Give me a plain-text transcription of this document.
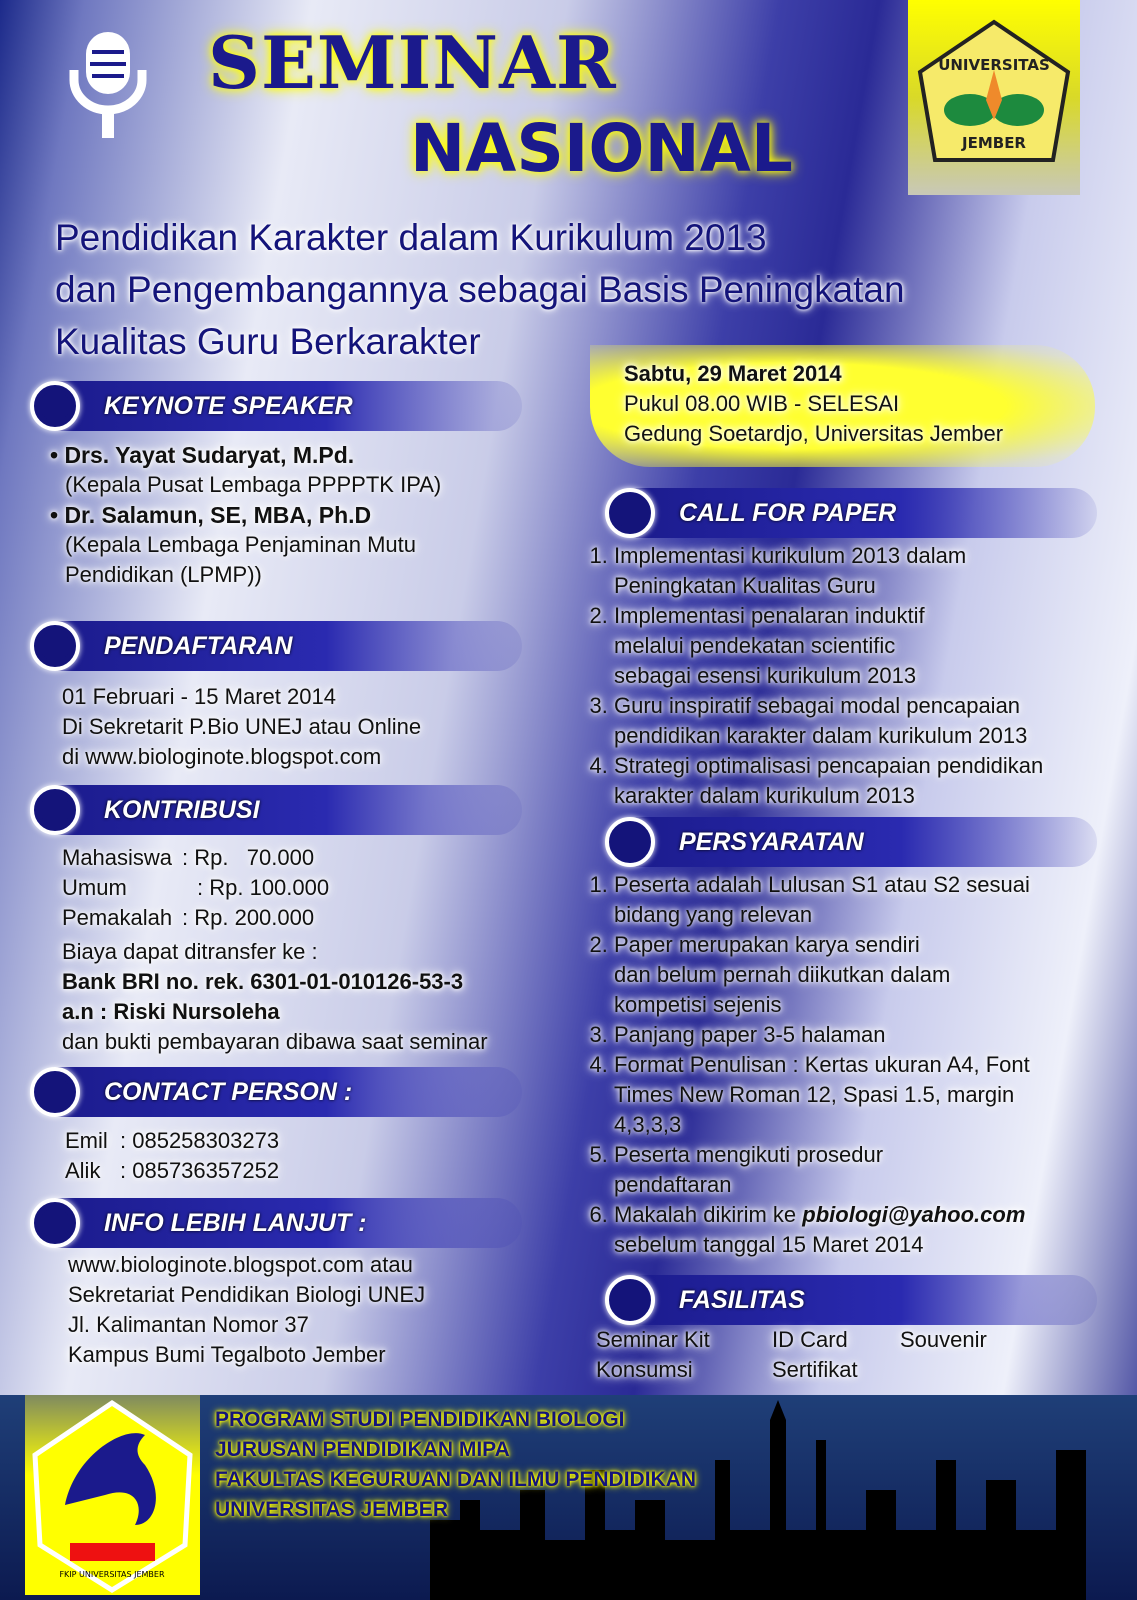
SEMINAR
NASIONAL
UNIVERSITAS
JEMBER
Pendidikan Karakter dalam Kurikulum 2013
dan Pengembangannya sebagai Basis Peningkatan
Kualitas Guru Berkarakter
Sabtu, 29 Maret 2014
Pukul 08.00 WIB - SELESAI
Gedung Soetardjo, Universitas Jember
KEYNOTE SPEAKER
• Drs. Yayat Sudaryat, M.Pd.
(Kepala Pusat Lembaga PPPPTK IPA)
• Dr. Salamun, SE, MBA, Ph.D
(Kepala Lembaga Penjaminan Mutu Pendidikan (LPMP))
PENDAFTARAN
01 Februari - 15 Maret 2014
Di Sekretarit P.Bio UNEJ atau Online
di www.biologinote.blogspot.com
KONTRIBUSI
Mahasiswa : Rp.   70.000
Umum	: Rp. 100.000
Pemakalah : Rp. 200.000
Biaya dapat ditransfer ke :
Bank BRI no. rek. 6301-01-010126-53-3
a.n : Riski Nursoleha
dan bukti pembayaran dibawa saat seminar
CONTACT PERSON :
Emil : 085258303273
Alik : 085736357252
INFO LEBIH LANJUT :
www.biologinote.blogspot.com atau
Sekretariat Pendidikan Biologi UNEJ
Jl. Kalimantan Nomor 37
Kampus Bumi Tegalboto Jember
CALL FOR PAPER
1. Implementasi kurikulum 2013 dalam Peningkatan Kualitas Guru
2. Implementasi penalaran induktif melalui pendekatan scientific sebagai esensi kurikulum 2013
3. Guru inspiratif sebagai modal pencapaian pendidikan karakter dalam kurikulum 2013
4. Strategi optimalisasi pencapaian pendidikan karakter dalam kurikulum 2013
PERSYARATAN
1. Peserta adalah Lulusan S1 atau S2 sesuai bidang yang relevan
2. Paper merupakan karya sendiri dan belum pernah diikutkan dalam kompetisi sejenis
3. Panjang paper 3-5 halaman
4. Format Penulisan : Kertas ukuran A4, Font Times New Roman 12, Spasi 1.5, margin 4,3,3,3
5. Peserta mengikuti prosedur pendaftaran
6. Makalah dikirim ke pbiologi@yahoo.com
sebelum tanggal 15 Maret 2014
FASILITAS
Seminar Kit	ID Card	Souvenir
Konsumsi	Sertifikat
FKIP UNIVERSITAS JEMBER
PROGRAM STUDI PENDIDIKAN BIOLOGI
JURUSAN PENDIDIKAN MIPA
FAKULTAS KEGURUAN DAN ILMU PENDIDIKAN
UNIVERSITAS JEMBER
